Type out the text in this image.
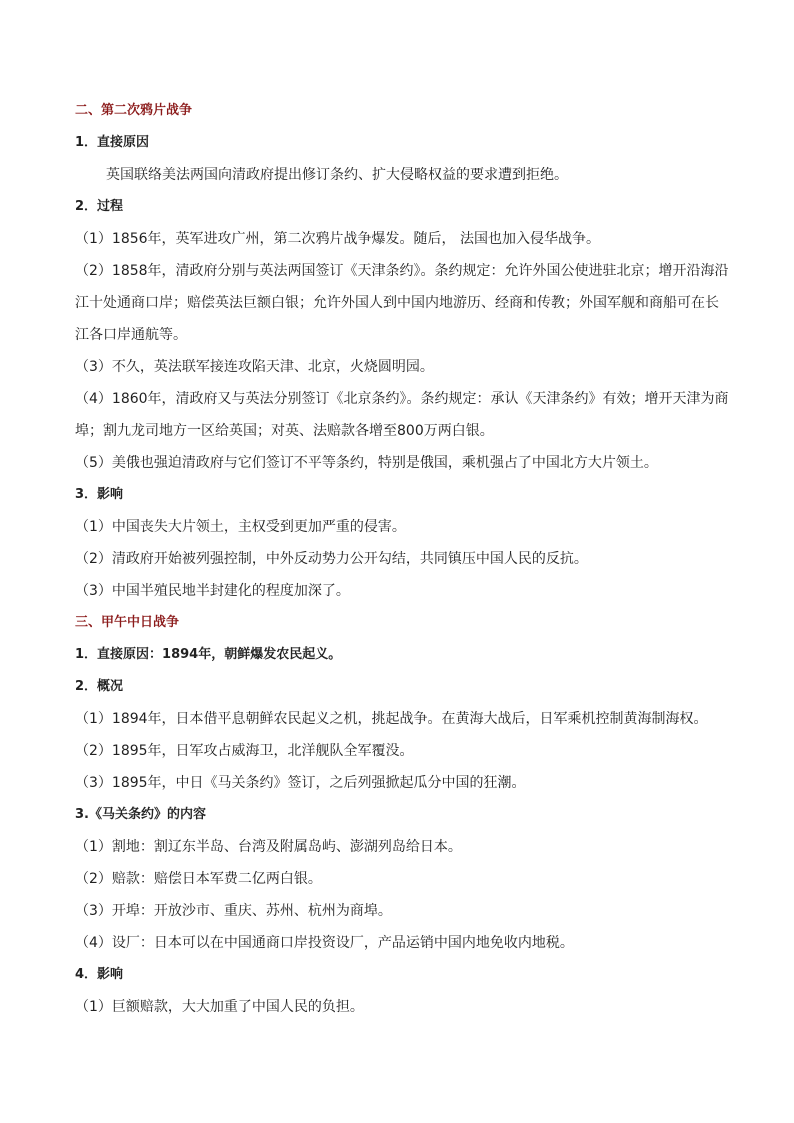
二、第二次鸦片战争
1．直接原因
英国联络美法两国向清政府提出修订条约、扩大侵略权益的要求遭到拒绝。
2．过程
（1）1856年，英军进攻广州，第二次鸦片战争爆发。随后， 法国也加入侵华战争。
（2）1858年，清政府分别与英法两国签订《天津条约》。条约规定：允许外国公使进驻北京；增开沿海沿
江十处通商口岸；赔偿英法巨额白银；允许外国人到中国内地游历、经商和传教；外国军舰和商船可在长
江各口岸通航等。
（3）不久，英法联军接连攻陷天津、北京，火烧圆明园。
（4）1860年，清政府又与英法分别签订《北京条约》。条约规定：承认《天津条约》有效；增开天津为商
埠；割九龙司地方一区给英国；对英、法赔款各增至800万两白银。
（5）美俄也强迫清政府与它们签订不平等条约，特别是俄国，乘机强占了中国北方大片领土。
3．影响
（1）中国丧失大片领土，主权受到更加严重的侵害。
（2）清政府开始被列强控制，中外反动势力公开勾结，共同镇压中国人民的反抗。
（3）中国半殖民地半封建化的程度加深了。
三、甲午中日战争
1．直接原因：1894年，朝鲜爆发农民起义。
2．概况
（1）1894年，日本借平息朝鲜农民起义之机，挑起战争。在黄海大战后，日军乘机控制黄海制海权。
（2）1895年，日军攻占威海卫，北洋舰队全军覆没。
（3）1895年，中日《马关条约》签订，之后列强掀起瓜分中国的狂潮。
3.《马关条约》的内容
（1）割地：割辽东半岛、台湾及附属岛屿、澎湖列岛给日本。
（2）赔款：赔偿日本军费二亿两白银。
（3）开埠：开放沙市、重庆、苏州、杭州为商埠。
（4）设厂：日本可以在中国通商口岸投资设厂，产品运销中国内地免收内地税。
4．影响
（1）巨额赔款，大大加重了中国人民的负担。
